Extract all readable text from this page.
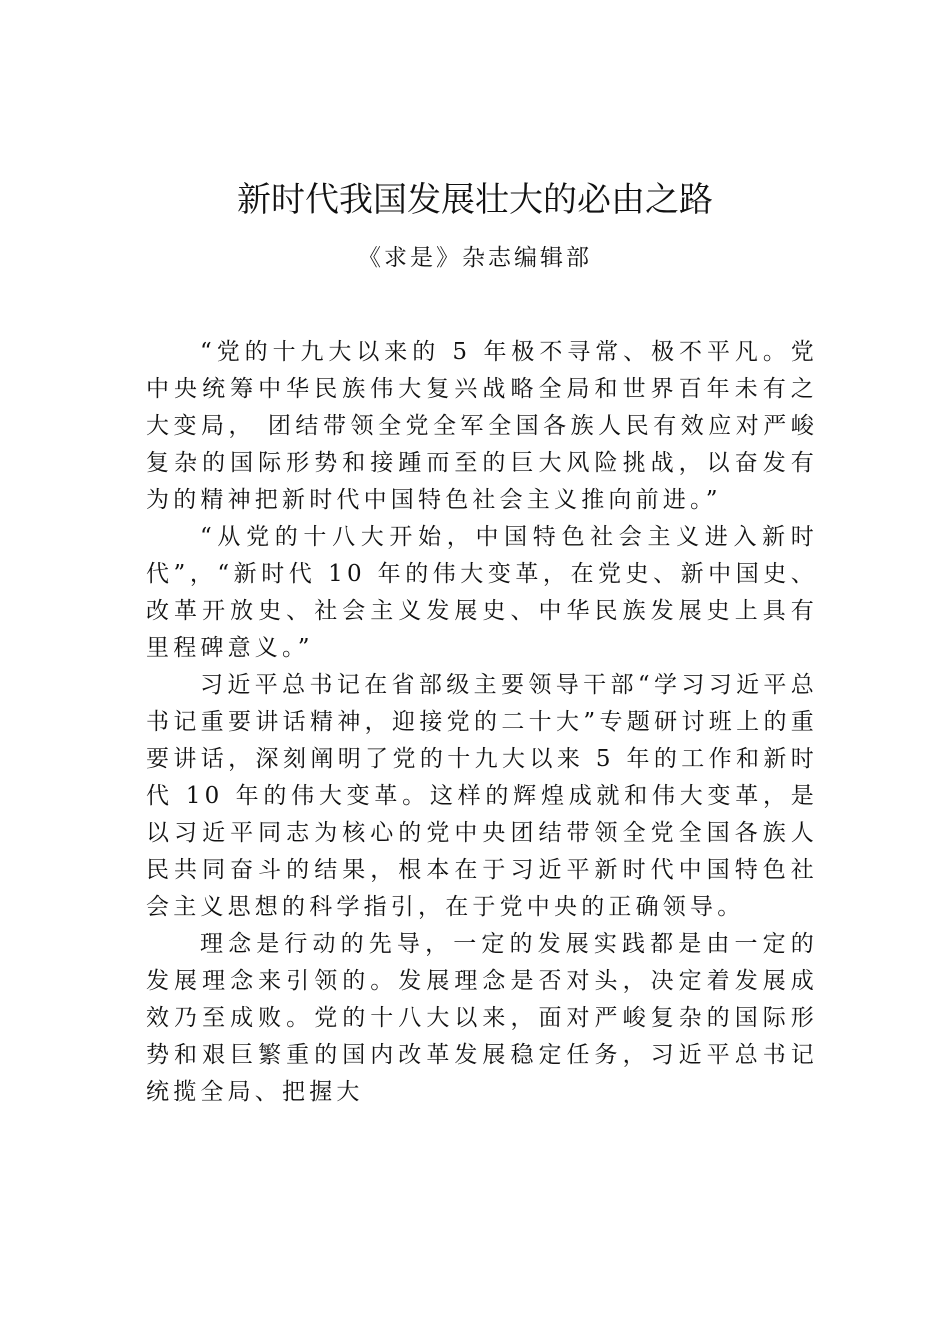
新时代我国发展壮大的必由之路
《求是》杂志编辑部

“党的十九大以来的 5 年极不寻常、极不平凡。党中央统筹中华民族伟大复兴战略全局和世界百年未有之大变局， 团结带领全党全军全国各族人民有效应对严峻复杂的国际形势和接踵而至的巨大风险挑战，以奋发有为的精神把新时代中国特色社会主义推向前进。”

“从党的十八大开始，中国特色社会主义进入新时代”，“新时代 10 年的伟大变革，在党史、新中国史、改革开放史、社会主义发展史、中华民族发展史上具有里程碑意义。”

习近平总书记在省部级主要领导干部“学习习近平总书记重要讲话精神，迎接党的二十大”专题研讨班上的重要讲话，深刻阐明了党的十九大以来 5 年的工作和新时代 10 年的伟大变革。这样的辉煌成就和伟大变革，是以习近平同志为核心的党中央团结带领全党全国各族人民共同奋斗的结果，根本在于习近平新时代中国特色社会主义思想的科学指引，在于党中央的正确领导。

理念是行动的先导，一定的发展实践都是由一定的发展理念来引领的。发展理念是否对头，决定着发展成效乃至成败。党的十八大以来，面对严峻复杂的国际形势和艰巨繁重的国内改革发展稳定任务，习近平总书记统揽全局、把握大
